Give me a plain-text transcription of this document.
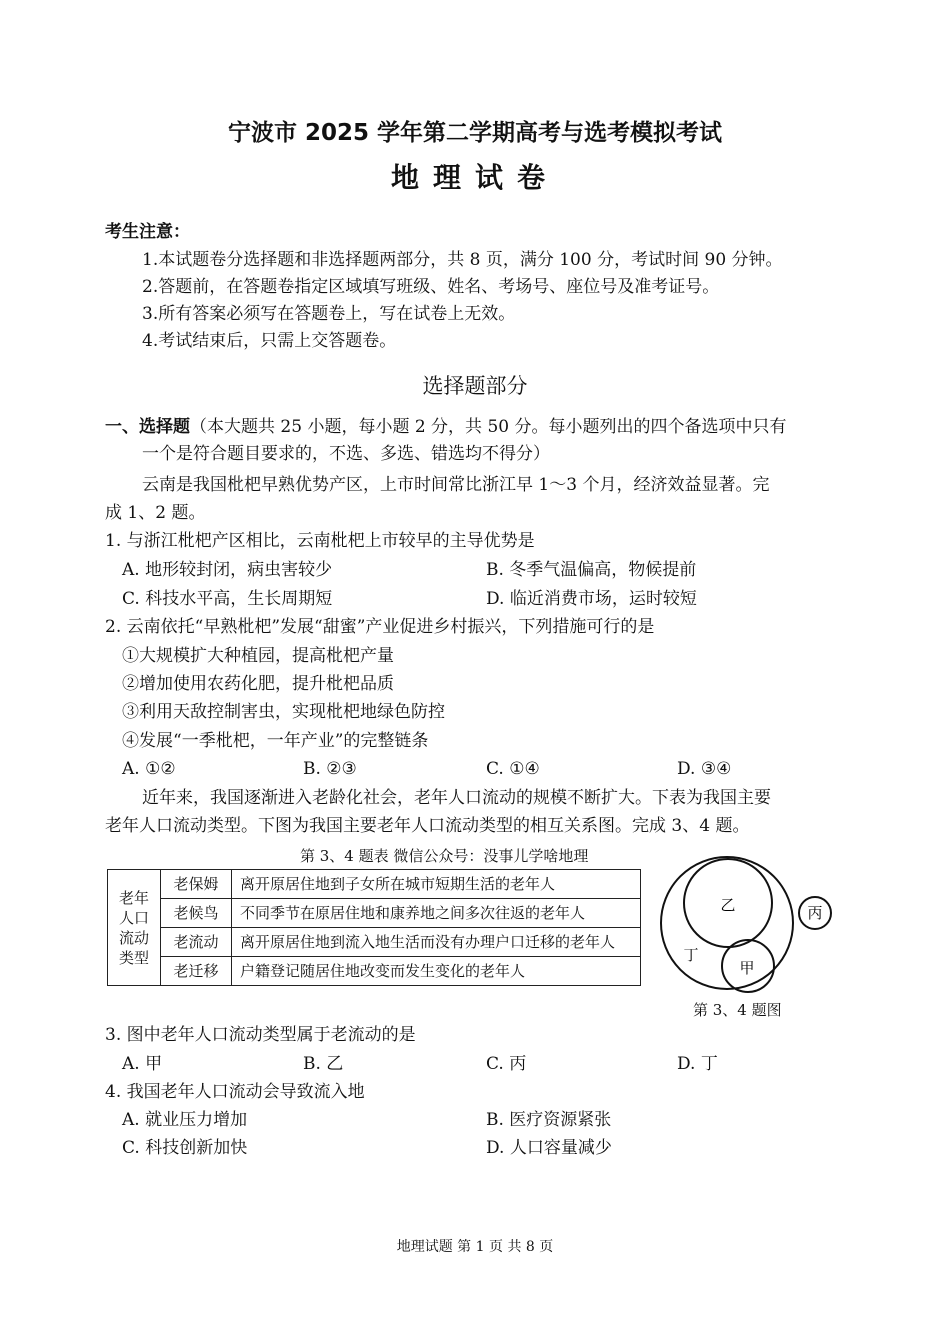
宁波市 2025 学年第二学期高考与选考模拟考试
地理试卷
考生注意：
1.本试题卷分选择题和非选择题两部分，共 8 页，满分 100 分，考试时间 90 分钟。
2.答题前，在答题卷指定区域填写班级、姓名、考场号、座位号及准考证号。
3.所有答案必须写在答题卷上，写在试卷上无效。
4.考试结束后，只需上交答题卷。
选择题部分
一、选择题（本大题共 25 小题，每小题 2 分，共 50 分。每小题列出的四个备选项中只有
一个是符合题目要求的，不选、多选、错选均不得分）
云南是我国枇杷早熟优势产区，上市时间常比浙江早 1～3 个月，经济效益显著。完
成 1、2 题。
1. 与浙江枇杷产区相比，云南枇杷上市较早的主导优势是
A. 地形较封闭，病虫害较少	B. 冬季气温偏高，物候提前
C. 科技水平高，生长周期短	D. 临近消费市场，运时较短
2. 云南依托“早熟枇杷”发展“甜蜜”产业促进乡村振兴，下列措施可行的是
①大规模扩大种植园，提高枇杷产量
②增加使用农药化肥，提升枇杷品质
③利用天敌控制害虫，实现枇杷地绿色防控
④发展“一季枇杷，一年产业”的完整链条
A. ①②	B. ②③	C. ①④	D. ③④
近年来，我国逐渐进入老龄化社会，老年人口流动的规模不断扩大。下表为我国主要
老年人口流动类型。下图为我国主要老年人口流动类型的相互关系图。完成 3、4 题。
第 3、4 题表 微信公众号：没事儿学啥地理
老年人口流动类型	老保姆	离开原居住地到子女所在城市短期生活的老年人
	老候鸟	不同季节在原居住地和康养地之间多次往返的老年人
	老流动	离开原居住地到流入地生活而没有办理户口迁移的老年人
	老迁移	户籍登记随居住地改变而发生变化的老年人
乙	丙
丁
甲
第 3、4 题图
3. 图中老年人口流动类型属于老流动的是
A. 甲	B. 乙	C. 丙	D. 丁
4. 我国老年人口流动会导致流入地
A. 就业压力增加	B. 医疗资源紧张
C. 科技创新加快	D. 人口容量减少
地理试题 第 1 页 共 8 页
